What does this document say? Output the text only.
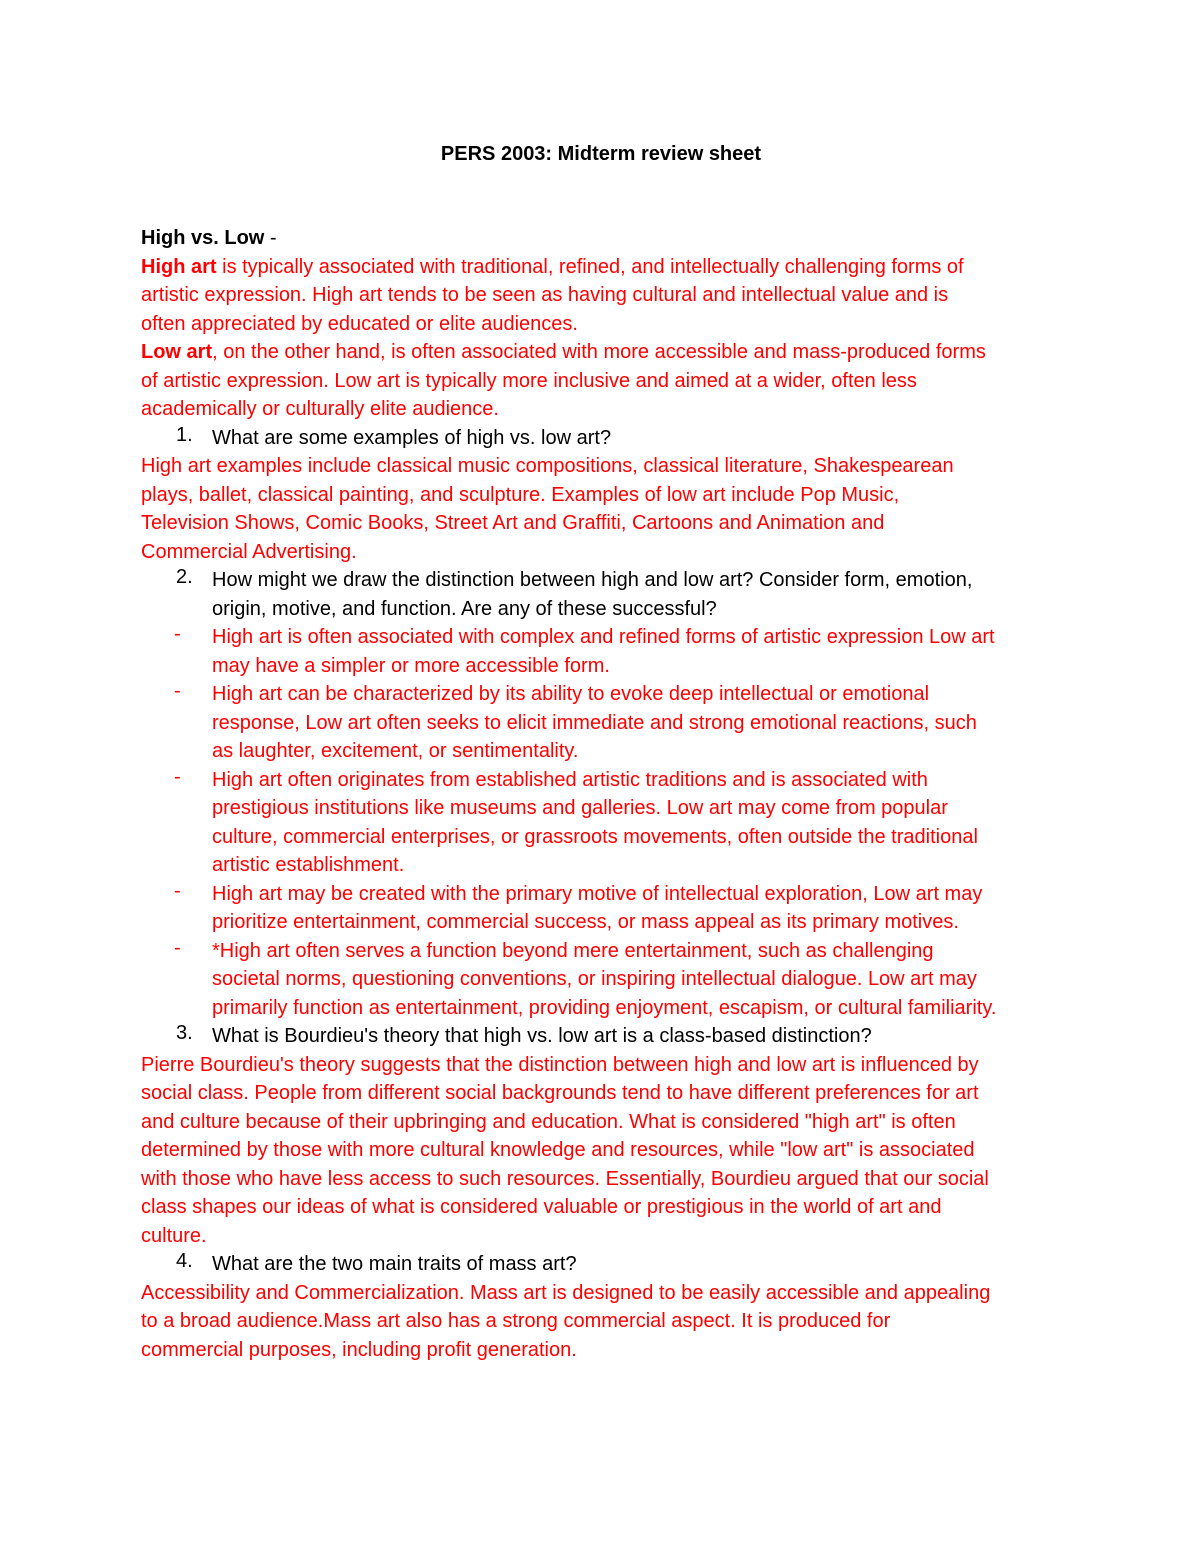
PERS 2003: Midterm review sheet
High vs. Low -
High art is typically associated with traditional, refined, and intellectually challenging forms of
artistic expression. High art tends to be seen as having cultural and intellectual value and is
often appreciated by educated or elite audiences.
Low art, on the other hand, is often associated with more accessible and mass-produced forms
of artistic expression. Low art is typically more inclusive and aimed at a wider, often less
academically or culturally elite audience.
1. What are some examples of high vs. low art?
High art examples include classical music compositions, classical literature, Shakespearean
plays, ballet, classical painting, and sculpture. Examples of low art include Pop Music,
Television Shows, Comic Books, Street Art and Graffiti, Cartoons and Animation and
Commercial Advertising.
2. How might we draw the distinction between high and low art? Consider form, emotion,
origin, motive, and function. Are any of these successful?
- High art is often associated with complex and refined forms of artistic expression Low art
may have a simpler or more accessible form.
- High art can be characterized by its ability to evoke deep intellectual or emotional
response, Low art often seeks to elicit immediate and strong emotional reactions, such
as laughter, excitement, or sentimentality.
- High art often originates from established artistic traditions and is associated with
prestigious institutions like museums and galleries. Low art may come from popular
culture, commercial enterprises, or grassroots movements, often outside the traditional
artistic establishment.
- High art may be created with the primary motive of intellectual exploration, Low art may
prioritize entertainment, commercial success, or mass appeal as its primary motives.
- *High art often serves a function beyond mere entertainment, such as challenging
societal norms, questioning conventions, or inspiring intellectual dialogue. Low art may
primarily function as entertainment, providing enjoyment, escapism, or cultural familiarity.
3. What is Bourdieu's theory that high vs. low art is a class-based distinction?
Pierre Bourdieu's theory suggests that the distinction between high and low art is influenced by
social class. People from different social backgrounds tend to have different preferences for art
and culture because of their upbringing and education. What is considered "high art" is often
determined by those with more cultural knowledge and resources, while "low art" is associated
with those who have less access to such resources. Essentially, Bourdieu argued that our social
class shapes our ideas of what is considered valuable or prestigious in the world of art and
culture.
4. What are the two main traits of mass art?
Accessibility and Commercialization. Mass art is designed to be easily accessible and appealing
to a broad audience.Mass art also has a strong commercial aspect. It is produced for
commercial purposes, including profit generation.
